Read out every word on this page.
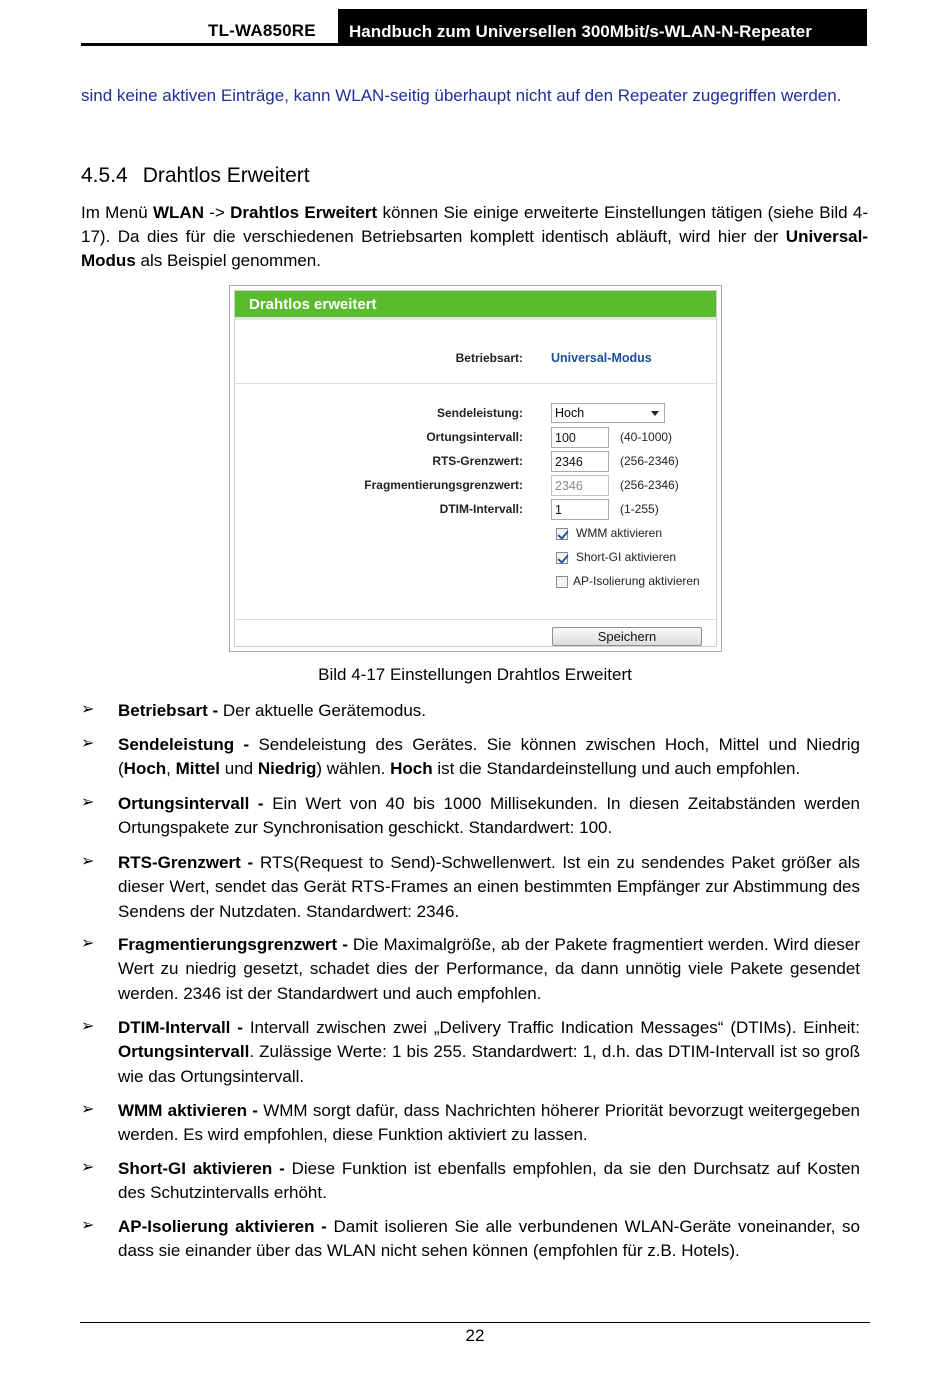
TL-WA850RE	Handbuch zum Universellen 300Mbit/s-WLAN-N-Repeater

sind keine aktiven Einträge, kann WLAN-seitig überhaupt nicht auf den Repeater zugegriffen werden.

4.5.4 Drahtlos Erweitert

Im Menü WLAN -> Drahtlos Erweitert können Sie einige erweiterte Einstellungen tätigen (siehe Bild 4-17). Da dies für die verschiedenen Betriebsarten komplett identisch abläuft, wird hier der Universal-Modus als Beispiel genommen.

Drahtlos erweitert
Betriebsart: Universal-Modus
Sendeleistung:	Hoch
Ortungsintervall:	100	(40-1000)
RTS-Grenzwert:	2346	(256-2346)
Fragmentierungsgrenzwert:	2346	(256-2346)
DTIM-Intervall:	1	(1-255)
WMM aktivieren
Short-GI aktivieren
AP-Isolierung aktivieren
Speichern
Bild 4-17 Einstellungen Drahtlos Erweitert
➢ Betriebsart - Der aktuelle Gerätemodus.

➢ Sendeleistung - Sendeleistung des Gerätes. Sie können zwischen Hoch, Mittel und Niedrig (Hoch, Mittel und Niedrig) wählen. Hoch ist die Standardeinstellung und auch empfohlen.

➢ Ortungsintervall - Ein Wert von 40 bis 1000 Millisekunden. In diesen Zeitabständen werden Ortungspakete zur Synchronisation geschickt. Standardwert: 100.

➢ RTS-Grenzwert - RTS(Request to Send)-Schwellenwert. Ist ein zu sendendes Paket größer als dieser Wert, sendet das Gerät RTS-Frames an einen bestimmten Empfänger zur Abstimmung des Sendens der Nutzdaten. Standardwert: 2346.

➢ Fragmentierungsgrenzwert - Die Maximalgröße, ab der Pakete fragmentiert werden. Wird dieser Wert zu niedrig gesetzt, schadet dies der Performance, da dann unnötig viele Pakete gesendet werden. 2346 ist der Standardwert und auch empfohlen.

➢ DTIM-Intervall - Intervall zwischen zwei „Delivery Traffic Indication Messages“ (DTIMs). Einheit: Ortungsintervall. Zulässige Werte: 1 bis 255. Standardwert: 1, d.h. das DTIM-Intervall ist so groß wie das Ortungsintervall.

➢ WMM aktivieren - WMM sorgt dafür, dass Nachrichten höherer Priorität bevorzugt weitergegeben werden. Es wird empfohlen, diese Funktion aktiviert zu lassen.

➢ Short-GI aktivieren - Diese Funktion ist ebenfalls empfohlen, da sie den Durchsatz auf Kosten des Schutzintervalls erhöht.

➢ AP-Isolierung aktivieren - Damit isolieren Sie alle verbundenen WLAN-Geräte voneinander, so dass sie einander über das WLAN nicht sehen können (empfohlen für z.B. Hotels).

22
